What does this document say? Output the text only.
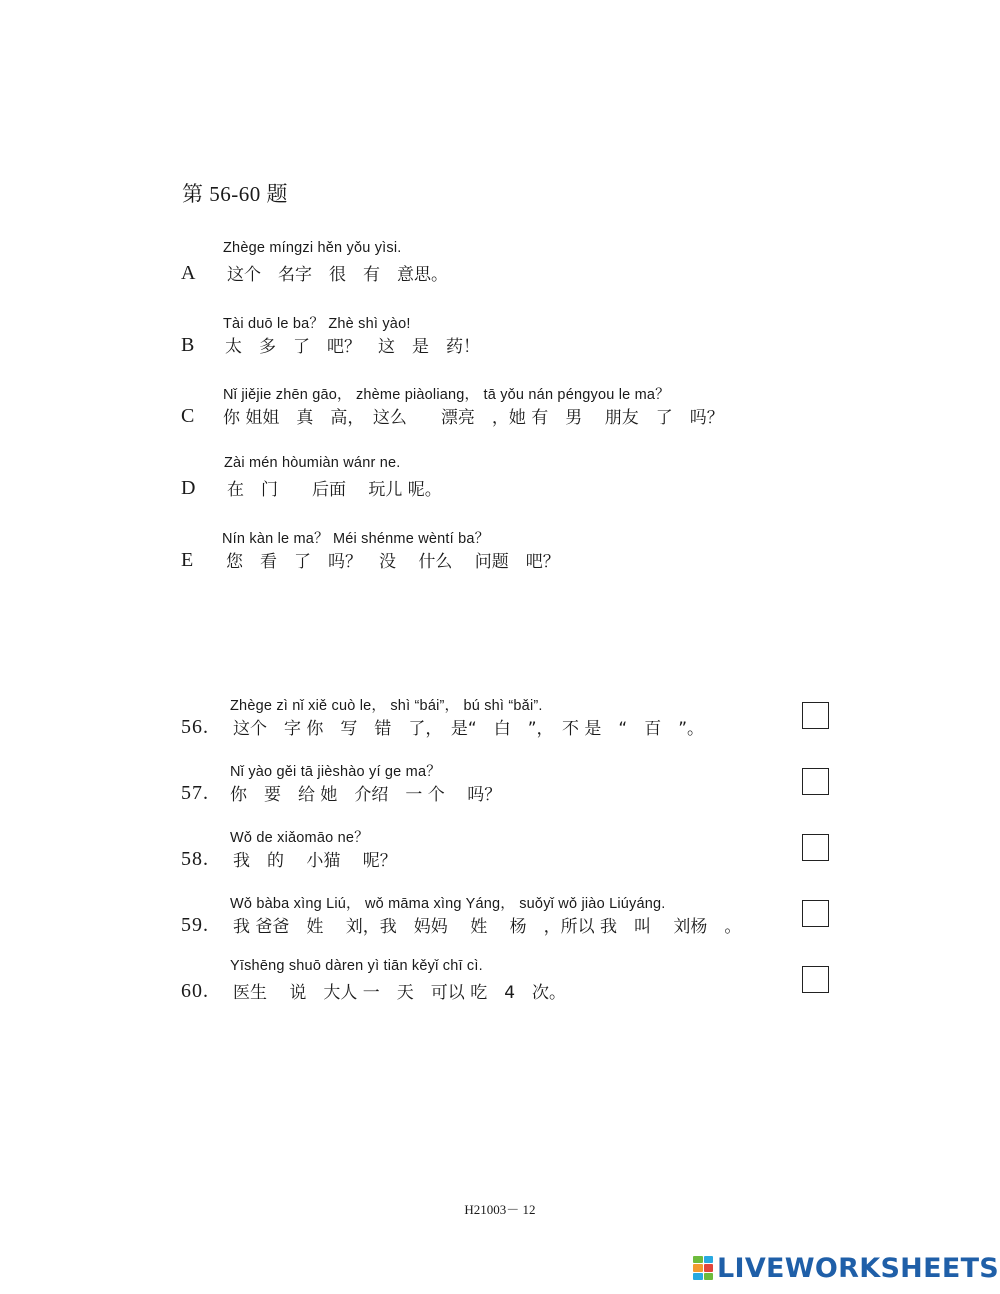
第 56-60 题
Zhège míngzi hěn yǒu yìsi.
A 这个　名字　很　有　意思。
Tài duō le ba？ Zhè shì yào!
B 太　多　了　吧？　这　是　药！
Nǐ jiějie zhēn gāo， zhème piàoliang， tā yǒu nán péngyou le ma？
C 你 姐姐　真　高，　这么　　漂亮　，她 有　男　 朋友　了　吗？
Zài mén hòumiàn wánr ne.
D 在　门　　后面　 玩儿 呢。
Nín kàn le ma？ Méi shénme wèntí ba？
E 您　看　了　吗？　没　 什么　 问题　吧？
Zhège zì nǐ xiě cuò le， shì “bái”， bú shì “bǎi”.
56. 这个　字 你　写　错　了，　是“　白　”，　不 是　“　百　”。
Nǐ yào gěi tā jièshào yí ge ma？
57. 你　要　给 她　介绍　一 个　 吗？
Wǒ de xiǎomāo ne？
58. 我　的　 小猫　 呢？
Wǒ bàba xìng Liú， wǒ māma xìng Yáng， suǒyǐ wǒ jiào Liúyáng.
59. 我 爸爸　姓　 刘，我　妈妈　 姓　 杨　，所以 我　叫　 刘杨　。
Yīshēng shuō dàren yì tiān kěyǐ chī cì.
60. 医生　 说　大人 一　天　可以 吃　4　次。
H21003－ 12
LIVEWORKSHEETS
